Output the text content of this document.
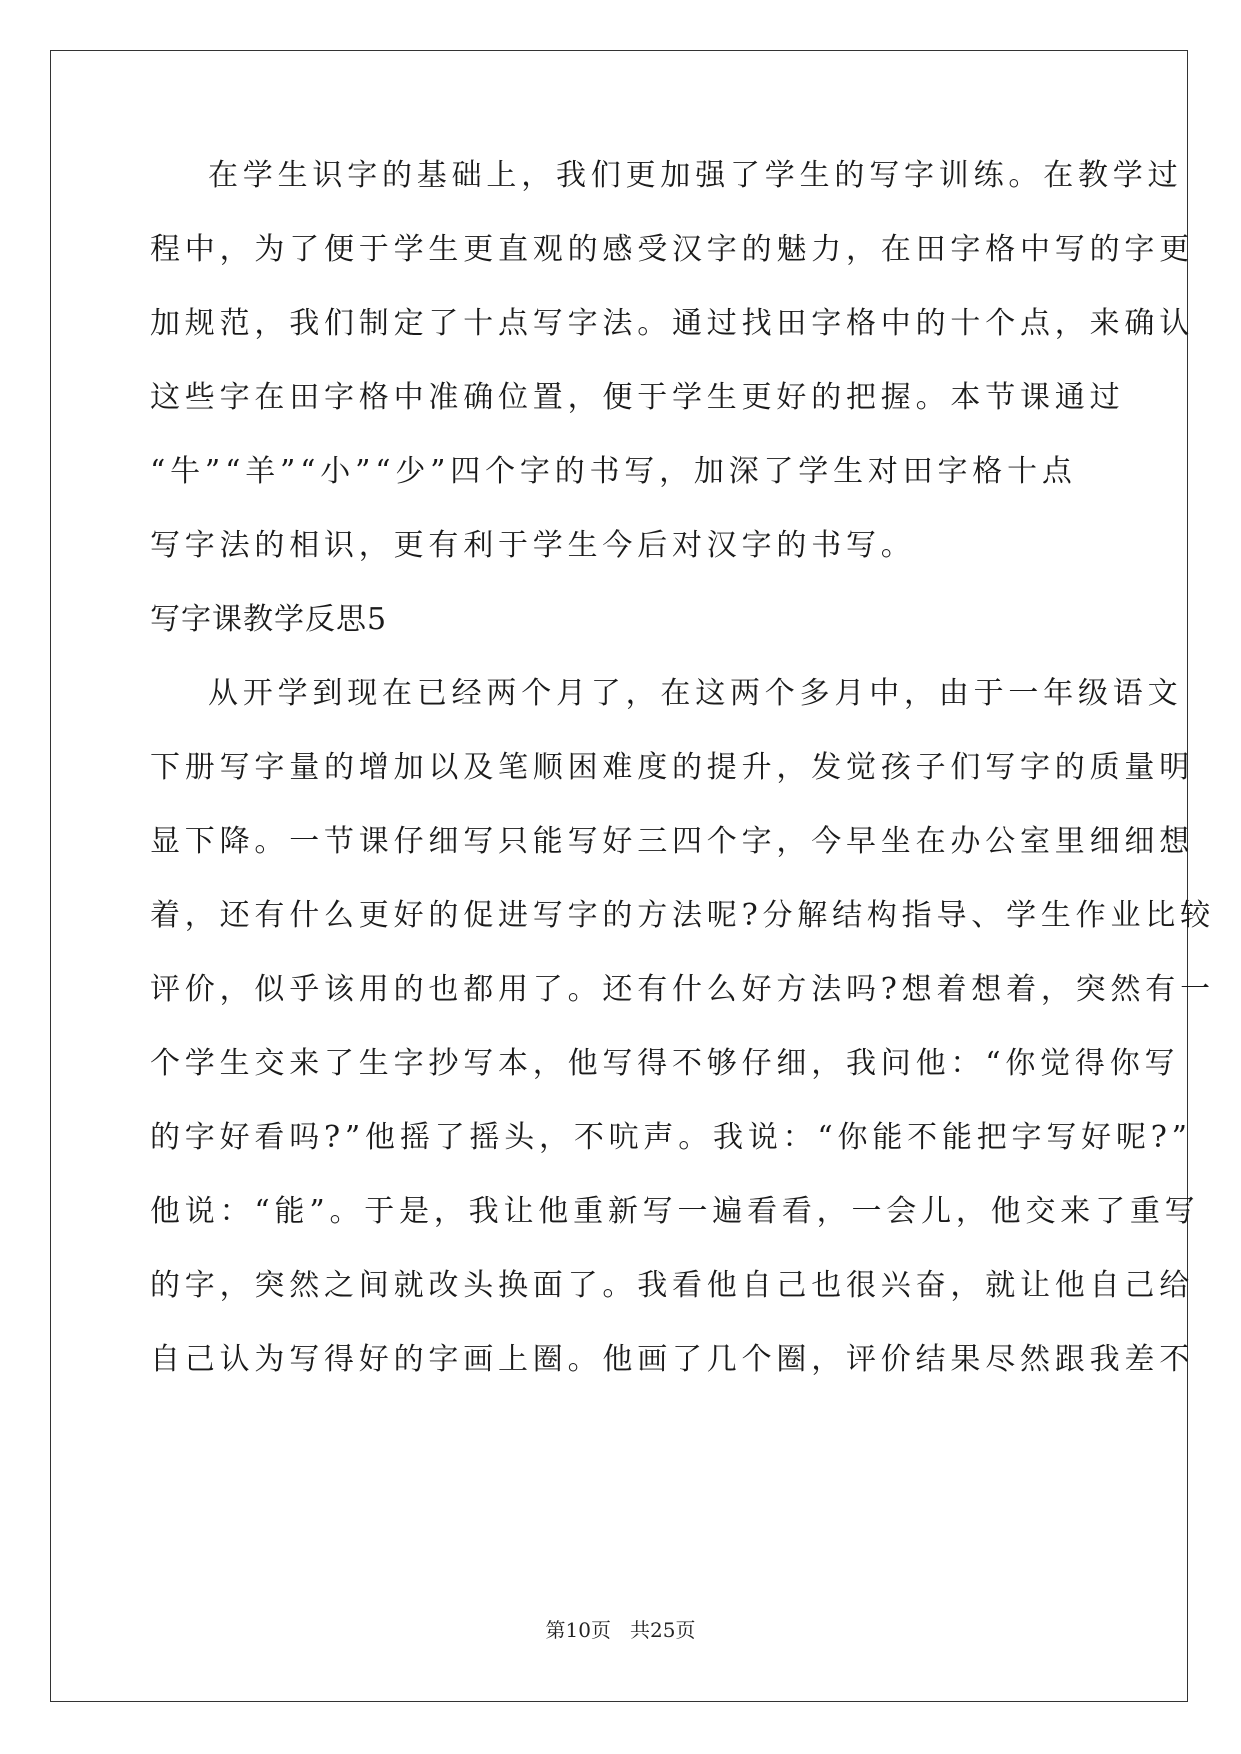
在学生识字的基础上，我们更加强了学生的写字训练。在教学过
程中，为了便于学生更直观的感受汉字的魅力，在田字格中写的字更
加规范，我们制定了十点写字法。通过找田字格中的十个点，来确认
这些字在田字格中准确位置，便于学生更好的把握。本节课通过
“牛”“羊”“小”“少”四个字的书写，加深了学生对田字格十点
写字法的相识，更有利于学生今后对汉字的书写。
写字课教学反思5
从开学到现在已经两个月了，在这两个多月中，由于一年级语文
下册写字量的增加以及笔顺困难度的提升，发觉孩子们写字的质量明
显下降。一节课仔细写只能写好三四个字，今早坐在办公室里细细想
着，还有什么更好的促进写字的方法呢?分解结构指导、学生作业比较
评价，似乎该用的也都用了。还有什么好方法吗?想着想着，突然有一
个学生交来了生字抄写本，他写得不够仔细，我问他：“你觉得你写
的字好看吗?”他摇了摇头，不吭声。我说：“你能不能把字写好呢?”
他说：“能”。于是，我让他重新写一遍看看，一会儿，他交来了重写
的字，突然之间就改头换面了。我看他自己也很兴奋，就让他自己给
自己认为写得好的字画上圈。他画了几个圈，评价结果尽然跟我差不
第10页 共25页
